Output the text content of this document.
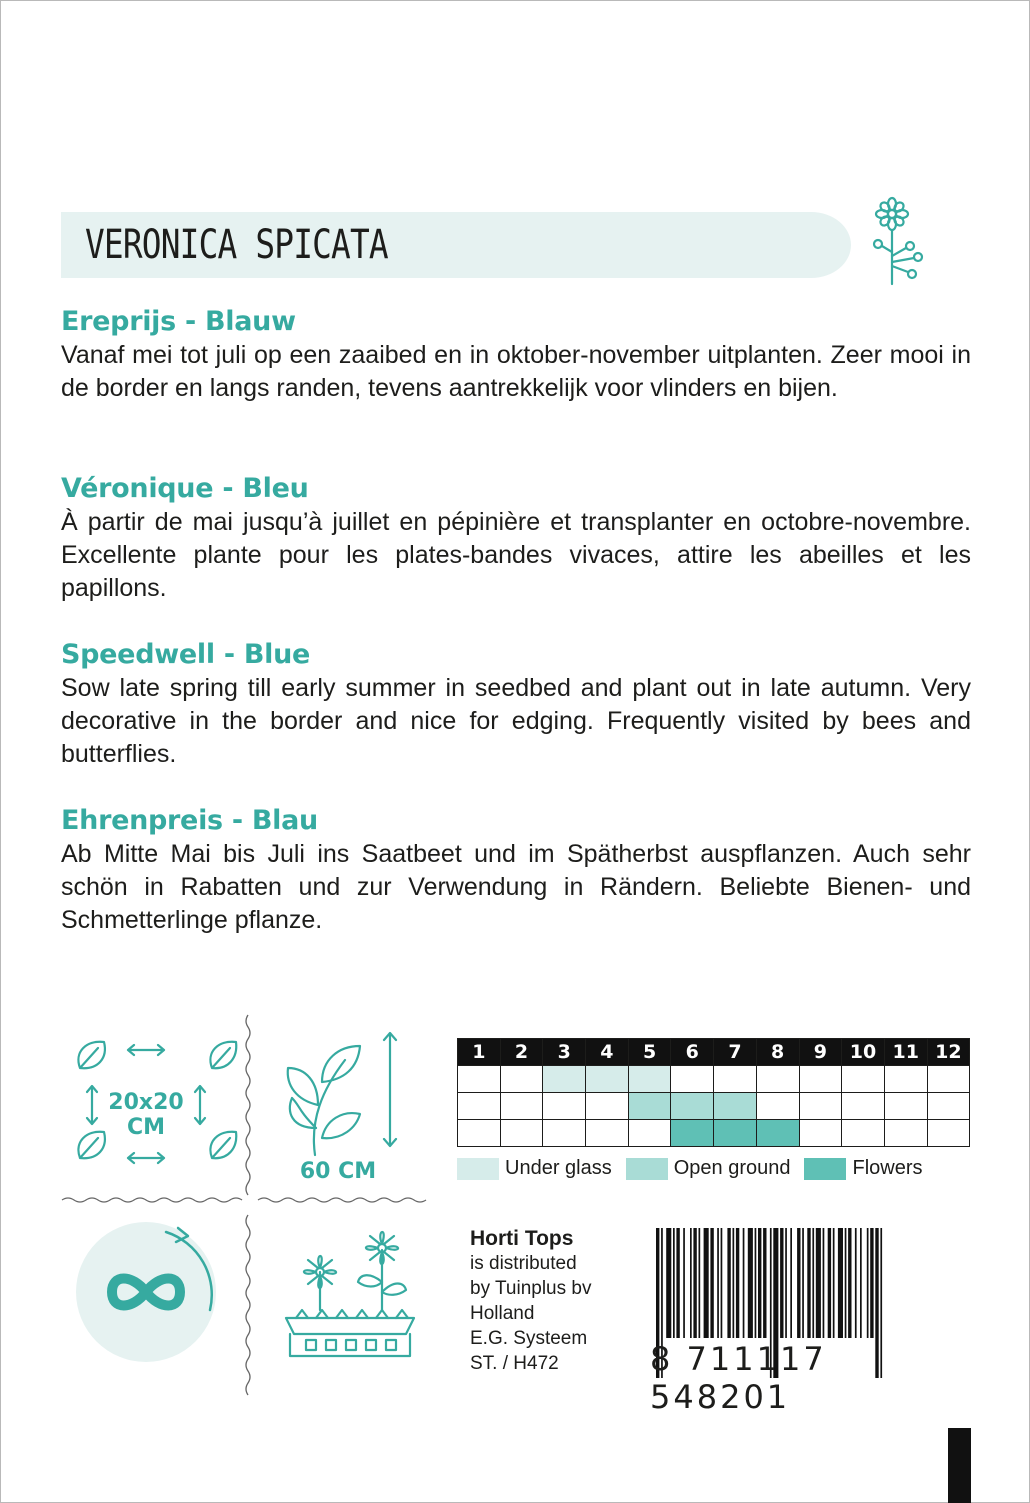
VERONICA SPICATA
Ereprijs - Blauw

Vanaf mei tot juli op een zaaibed en in oktober-november uitplanten. Zeer mooi in de border en langs randen, tevens aantrekkelijk voor vlinders en bijen.

Véronique - Bleu

À partir de mai jusqu’à juillet en pépinière et transplanter en octobre-novembre. Excellente plante pour les plates-bandes vivaces, attire les abeilles et les papillons.

Speedwell - Blue

Sow late spring till early summer in seedbed and plant out in late autumn. Very decorative in the border and nice for edging. Frequently visited by bees and butterflies.

Ehrenpreis - Blau

Ab Mitte Mai bis Juli ins Saatbeet und im Spätherbst auspflanzen. Auch sehr schön in Rabatten und zur Verwendung in Rändern. Beliebte Bienen- und Schmetterlinge pflanze.

20x20
CM
60 CM
1	2	3	4	5	6	7	8	9	10	11	12

Under glass	Open ground	Flowers
Horti Tops
is distributed
by Tuinplus bv
Holland
E.G. Systeem
ST. / H472	8 711117 548201
